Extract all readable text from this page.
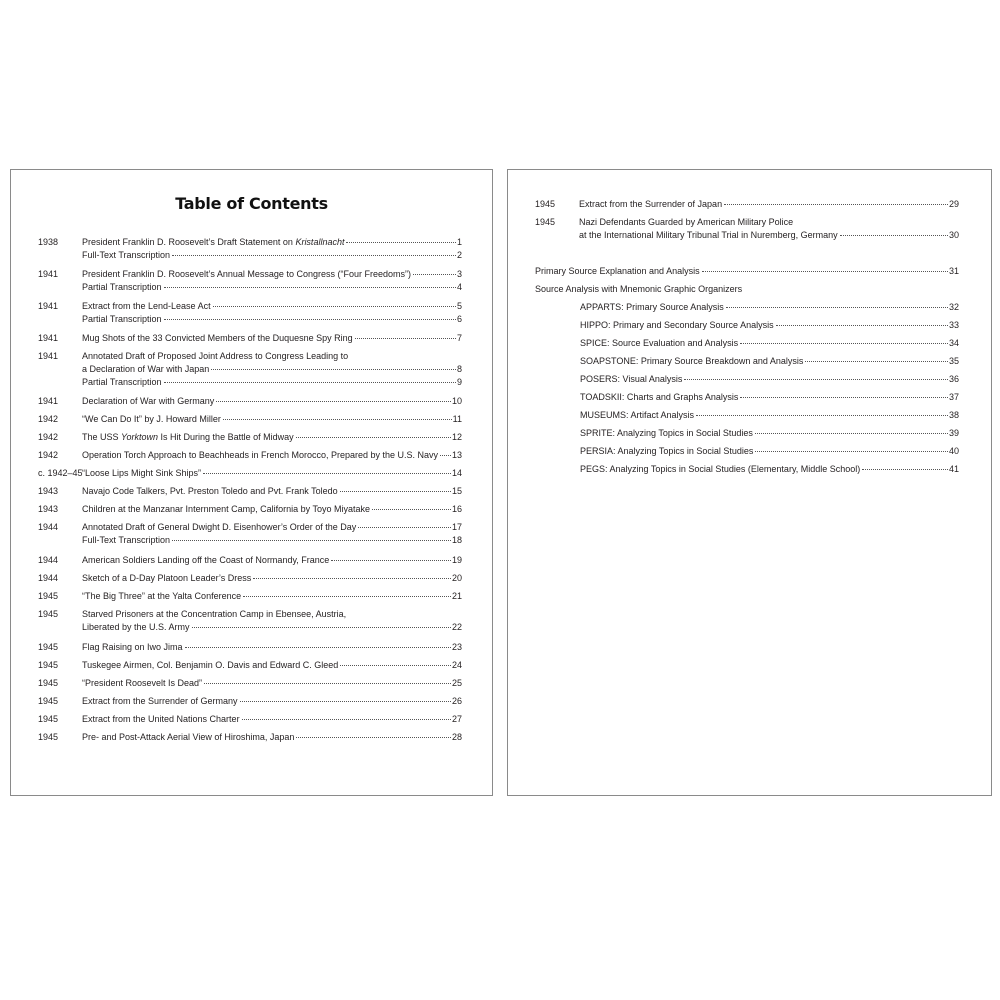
Table of Contents
1938	President Franklin D. Roosevelt’s Draft Statement on Kristallnacht	1
Full-Text Transcription	2
1941	President Franklin D. Roosevelt’s Annual Message to Congress (“Four Freedoms”)	3
Partial Transcription	4
1941	Extract from the Lend-Lease Act	5
Partial Transcription	6
1941	Mug Shots of the 33 Convicted Members of the Duquesne Spy Ring	7
1941	Annotated Draft of Proposed Joint Address to Congress Leading to
a Declaration of War with Japan	8
Partial Transcription	9
1941	Declaration of War with Germany	10
1942	“We Can Do It” by J. Howard Miller	11
1942	The USS Yorktown Is Hit During the Battle of Midway	12
1942	Operation Torch Approach to Beachheads in French Morocco, Prepared by the U.S. Navy 13
c. 1942–45 “Loose Lips Might Sink Ships”	14
1943	Navajo Code Talkers, Pvt. Preston Toledo and Pvt. Frank Toledo	15
1943	Children at the Manzanar Internment Camp, California by Toyo Miyatake	16
1944	Annotated Draft of General Dwight D. Eisenhower’s Order of the Day	17
Full-Text Transcription	18
1944	American Soldiers Landing off the Coast of Normandy, France	19
1944	Sketch of a D-Day Platoon Leader’s Dress	20
1945	“The Big Three” at the Yalta Conference	21
1945	Starved Prisoners at the Concentration Camp in Ebensee, Austria,
Liberated by the U.S. Army	22
1945	Flag Raising on Iwo Jima	23
1945	Tuskegee Airmen, Col. Benjamin O. Davis and Edward C. Gleed	24
1945	“President Roosevelt Is Dead”	25
1945	Extract from the Surrender of Germany	26
1945	Extract from the United Nations Charter	27
1945	Pre- and Post-Attack Aerial View of Hiroshima, Japan	28
1945	Extract from the Surrender of Japan	29
1945	Nazi Defendants Guarded by American Military Police
at the International Military Tribunal Trial in Nuremberg, Germany	30
Primary Source Explanation and Analysis	31
Source Analysis with Mnemonic Graphic Organizers
APPARTS: Primary Source Analysis	32
HIPPO: Primary and Secondary Source Analysis	33
SPICE: Source Evaluation and Analysis	34
SOAPSTONE: Primary Source Breakdown and Analysis	35
POSERS: Visual Analysis	36
TOADSKII: Charts and Graphs Analysis	37
MUSEUMS: Artifact Analysis	38
SPRITE: Analyzing Topics in Social Studies	39
PERSIA: Analyzing Topics in Social Studies	40
PEGS: Analyzing Topics in Social Studies (Elementary, Middle School)	41
